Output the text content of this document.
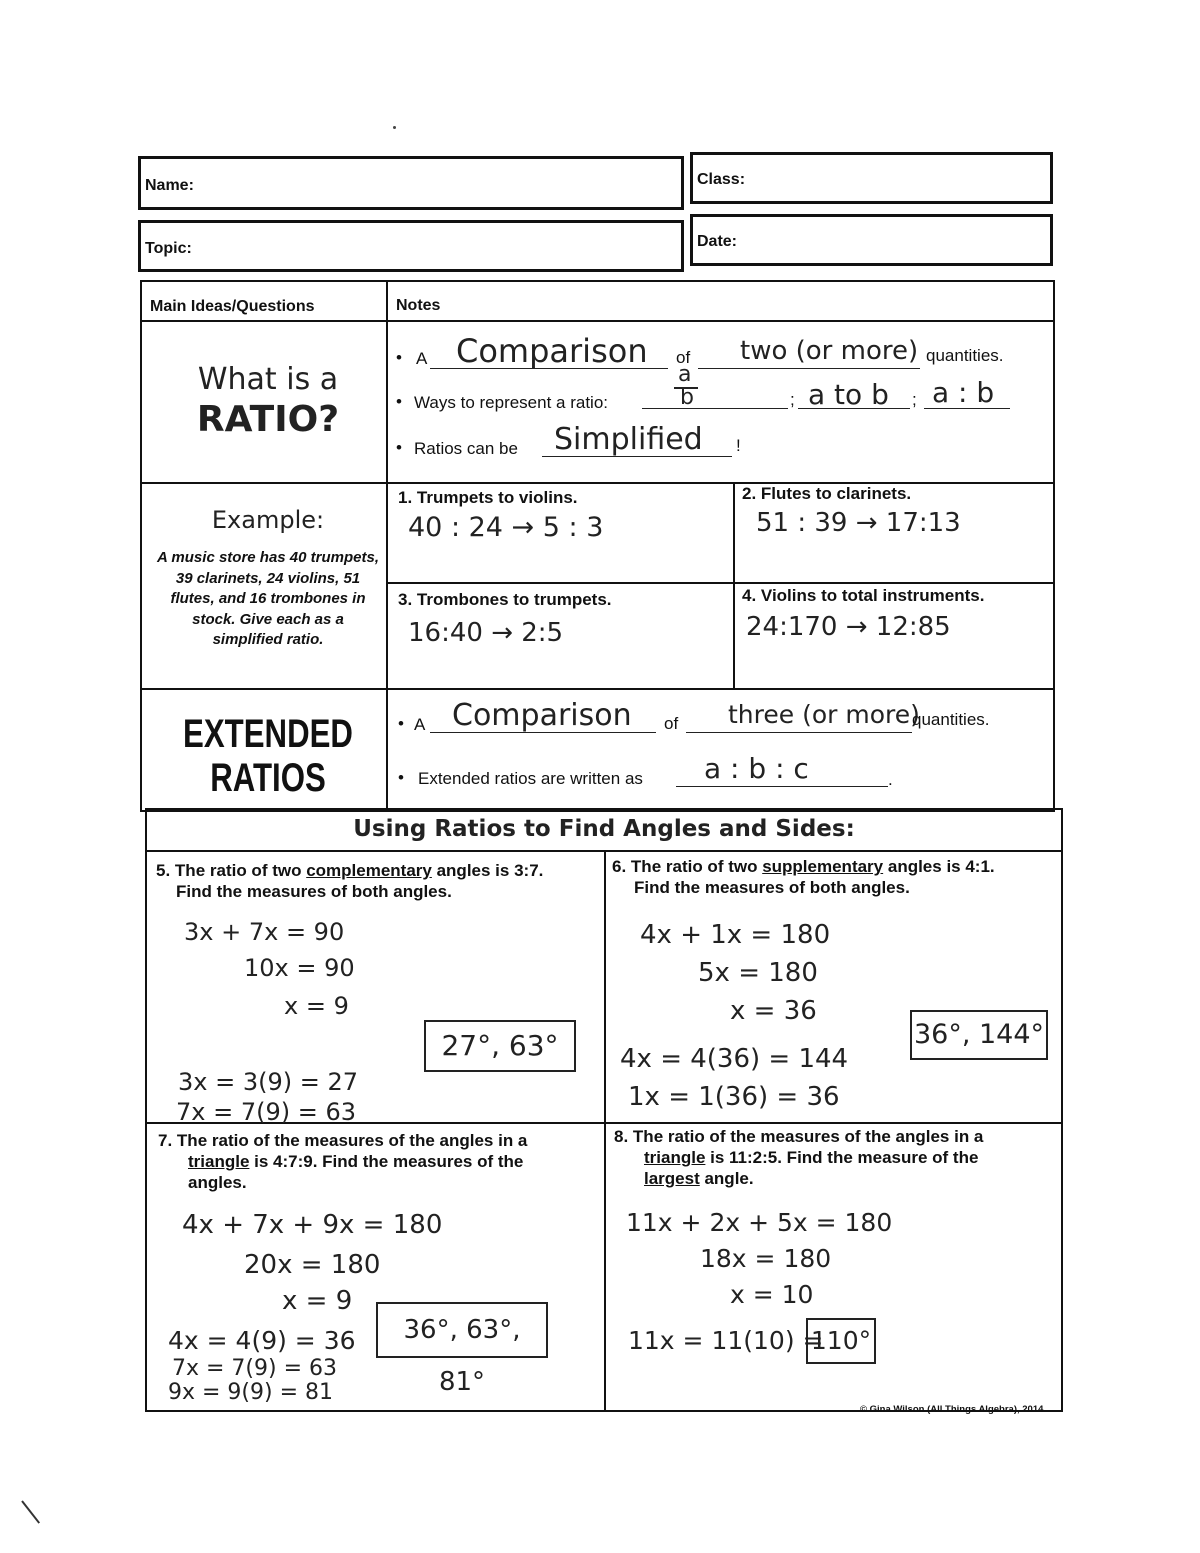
Name:	Class:
Topic:	Date:
Main Ideas/Questions	Notes
What is a
RATIO?
• A Comparison of two (or more) quantities.
• Ways to represent a ratio:
a
b	; a to b ; a : b
• Ratios can be Simplified !
Example:
A music store has 40 trumpets, 39 clarinets, 24 violins, 51 flutes, and 16 trombones in stock. Give each as a simplified ratio.
1. Trumpets to violins.
40 : 24 → 5 : 3
2. Flutes to clarinets.
51 : 39 → 17:13
3. Trombones to trumpets.
16:40 → 2:5
4. Violins to total instruments.
24:170 → 12:85
EXTENDED
RATIOS
• A Comparison of three (or more)
quantities.
• Extended ratios are written as a : b : c	.
Using Ratios to Find Angles and Sides:
5. The ratio of two complementary angles is 3:7.
Find the measures of both angles.
3x + 7x = 90
10x = 90
x = 9
3x = 3(9) = 27
7x = 7(9) = 63
27°, 63°
6. The ratio of two supplementary angles is 4:1.
Find the measures of both angles.
4x + 1x = 180
5x = 180
x = 36
4x = 4(36) = 144
1x = 1(36) = 36
36°, 144°
7. The ratio of the measures of the angles in a
triangle is 4:7:9. Find the measures of the
angles.
4x + 7x + 9x = 180
20x = 180
x = 9
4x = 4(9) = 36
7x = 7(9) = 63
9x = 9(9) = 81
36°, 63°, 81°
8. The ratio of the measures of the angles in a
triangle is 11:2:5. Find the measure of the
largest angle.
11x + 2x + 5x = 180
18x = 180
x = 10
11x = 11(10) =
110°
© Gina Wilson (All Things Algebra), 2014
